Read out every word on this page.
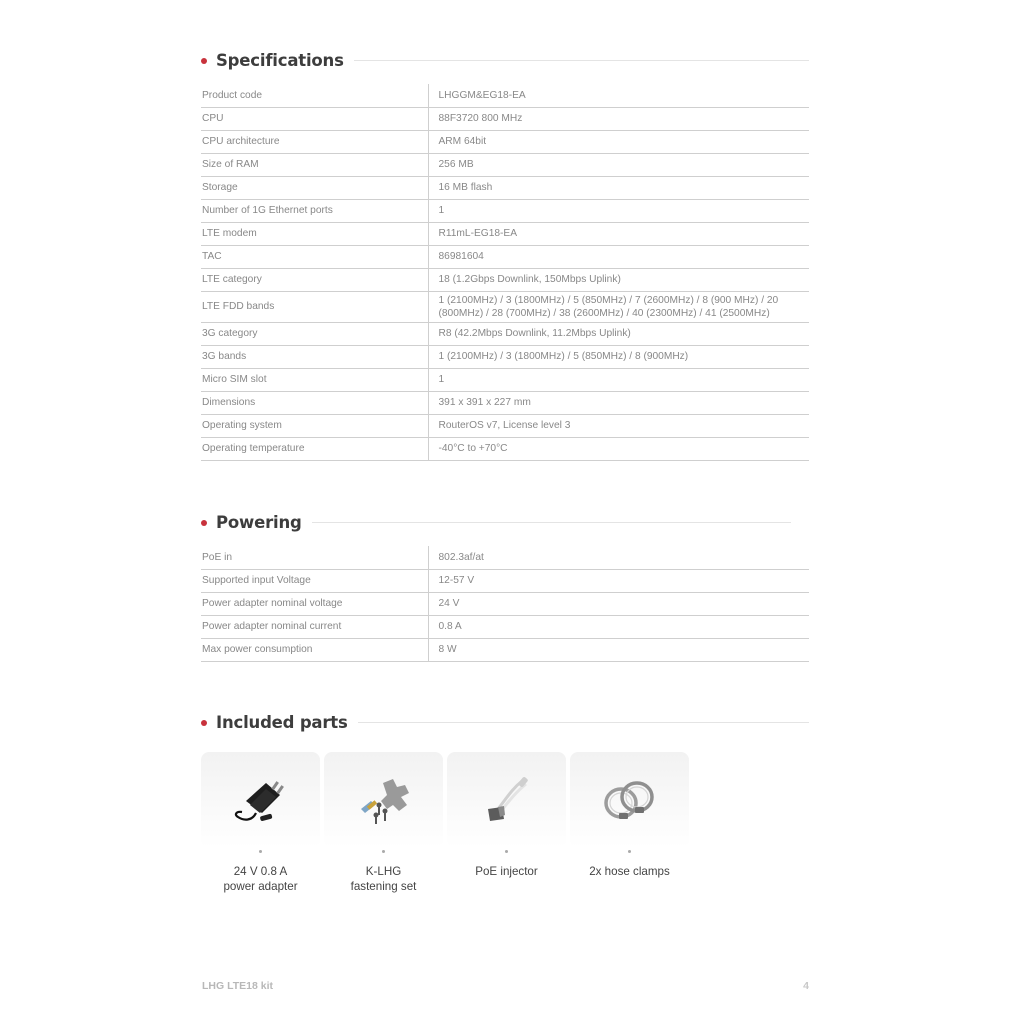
Specifications
Product code	LHGGM&EG18-EA
CPU	88F3720 800 MHz
CPU architecture	ARM 64bit
Size of RAM	256 MB
Storage	16 MB flash
Number of 1G Ethernet ports	1
LTE modem	R11mL-EG18-EA
TAC	86981604
LTE category	18 (1.2Gbps Downlink, 150Mbps Uplink)
LTE FDD bands	1 (2100MHz) / 3 (1800MHz) / 5 (850MHz) / 7 (2600MHz) / 8 (900 MHz) / 20
(800MHz) / 28 (700MHz) / 38 (2600MHz) / 40 (2300MHz) / 41 (2500MHz)

3G category	R8 (42.2Mbps Downlink, 11.2Mbps Uplink)
3G bands	1 (2100MHz) / 3 (1800MHz) / 5 (850MHz) / 8 (900MHz)
Micro SIM slot	1
Dimensions	391 x 391 x 227 mm
Operating system	RouterOS v7, License level 3
Operating temperature	-40°C to +70°C
Powering
PoE in	802.3af/at
Supported input Voltage	12-57 V
Power adapter nominal voltage	24 V
Power adapter nominal current	0.8 A
Max power consumption	8 W
Included parts
24 V 0.8 A
power adapter
K-LHG
fastening set
PoE injector	2x hose clamps
LHG LTE18 kit	4
